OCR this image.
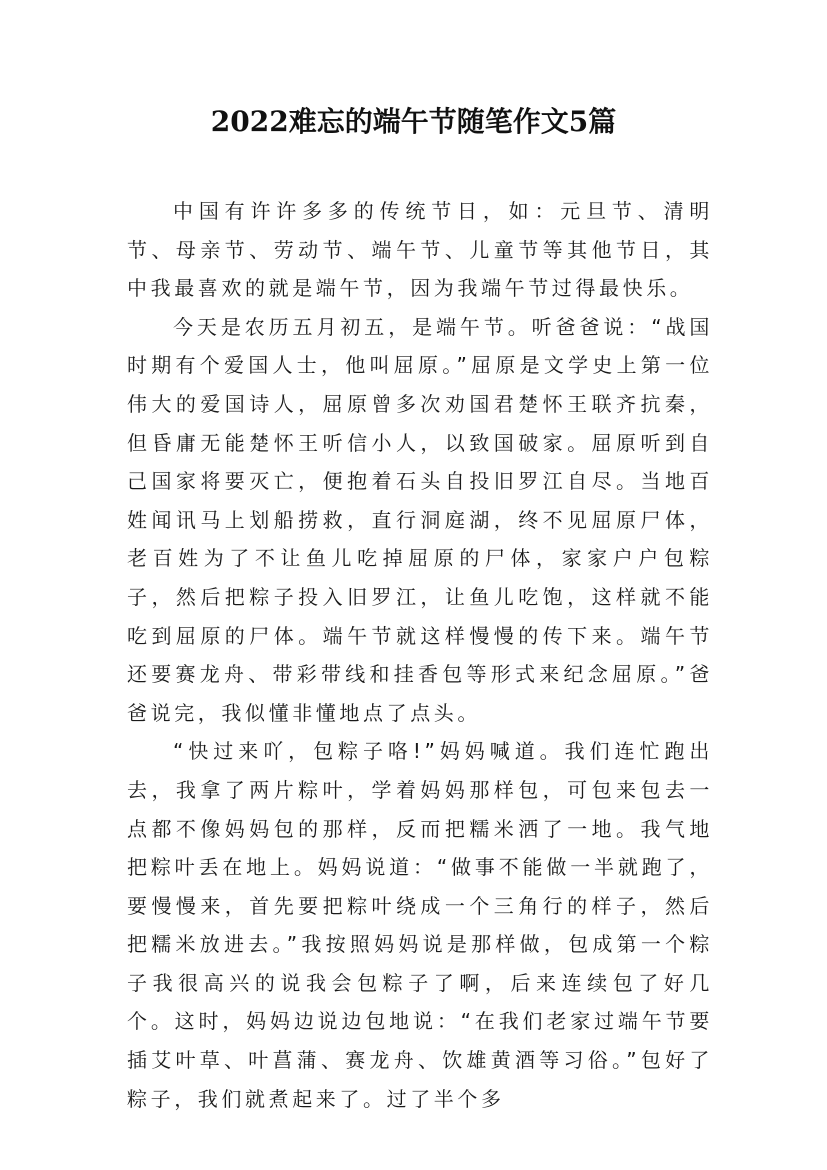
2022难忘的端午节随笔作文5篇

中国有许许多多的传统节日，如：元旦节、清明节、母亲节、劳动节、端午节、儿童节等其他节日，其中我最喜欢的就是端午节，因为我端午节过得最快乐。

今天是农历五月初五，是端午节。听爸爸说：“战国时期有个爱国人士，他叫屈原。”屈原是文学史上第一位伟大的爱国诗人，屈原曾多次劝国君楚怀王联齐抗秦，但昏庸无能楚怀王听信小人，以致国破家。屈原听到自己国家将要灭亡，便抱着石头自投旧罗江自尽。当地百姓闻讯马上划船捞救，直行洞庭湖，终不见屈原尸体，老百姓为了不让鱼儿吃掉屈原的尸体，家家户户包粽子，然后把粽子投入旧罗江，让鱼儿吃饱，这样就不能吃到屈原的尸体。端午节就这样慢慢的传下来。端午节还要赛龙舟、带彩带线和挂香包等形式来纪念屈原。”爸爸说完，我似懂非懂地点了点头。

“快过来吖，包粽子咯!”妈妈喊道。我们连忙跑出去，我拿了两片粽叶，学着妈妈那样包，可包来包去一点都不像妈妈包的那样，反而把糯米洒了一地。我气地把粽叶丢在地上。妈妈说道：“做事不能做一半就跑了，要慢慢来，首先要把粽叶绕成一个三角行的样子，然后把糯米放进去。”我按照妈妈说是那样做，包成第一个粽子我很高兴的说我会包粽子了啊，后来连续包了好几个。这时，妈妈边说边包地说：“在我们老家过端午节要插艾叶草、叶菖蒲、赛龙舟、饮雄黄酒等习俗。”包好了粽子，我们就煮起来了。过了半个多
